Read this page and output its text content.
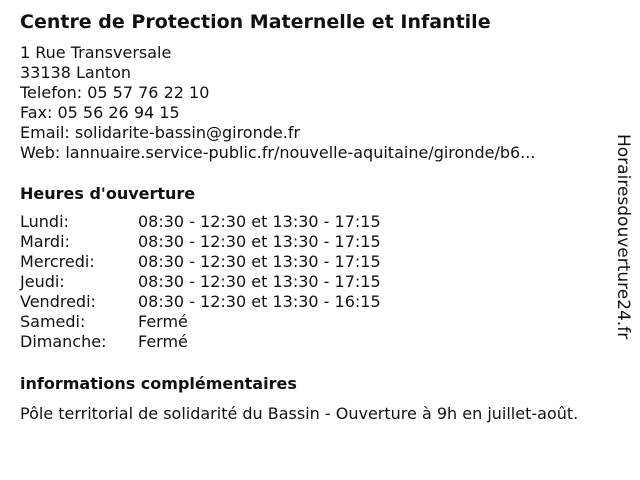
Centre de Protection Maternelle et Infantile
1 Rue Transversale
33138 Lanton
Telefon: 05 57 76 22 10
Fax: 05 56 26 94 15
Email: solidarite-bassin@gironde.fr
Web: lannuaire.service-public.fr/nouvelle-aquitaine/gironde/b6...
Heures d'ouverture
Lundi:	08:30 - 12:30 et 13:30 - 17:15
Mardi:	08:30 - 12:30 et 13:30 - 17:15
Mercredi:	08:30 - 12:30 et 13:30 - 17:15
Jeudi:	08:30 - 12:30 et 13:30 - 17:15
Vendredi:	08:30 - 12:30 et 13:30 - 16:15
Samedi:	Fermé
Dimanche:	Fermé
informations complémentaires
Pôle territorial de solidarité du Bassin - Ouverture à 9h en juillet-août.
Horairesdouverture24.fr
